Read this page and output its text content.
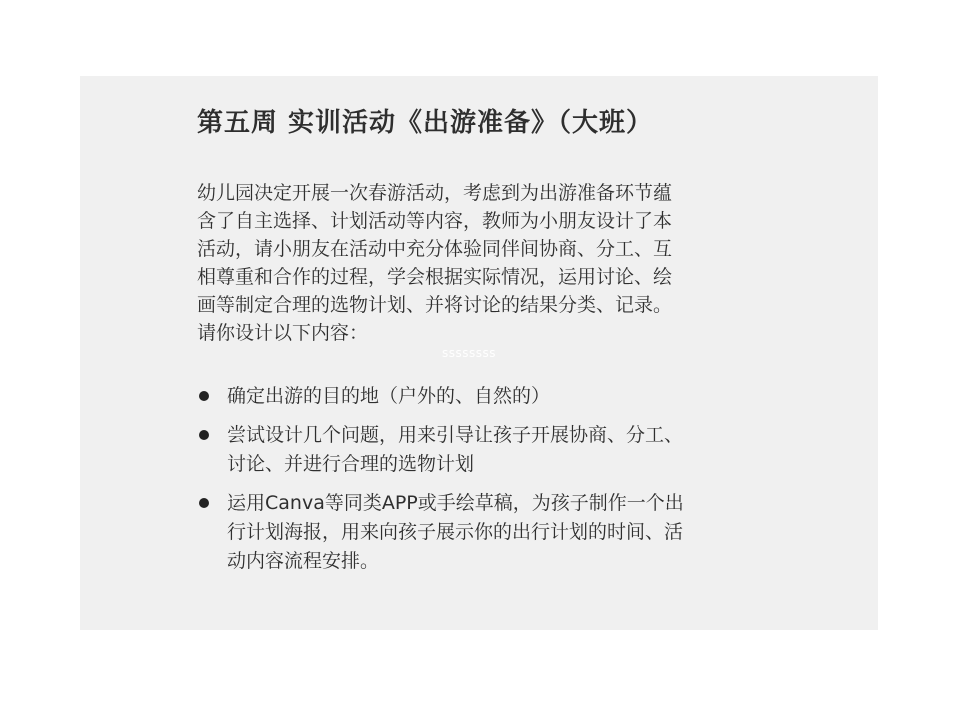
第五周 实训活动《出游准备》（大班）
幼儿园决定开展一次春游活动，考虑到为出游准备环节蕴
含了自主选择、计划活动等内容，教师为小朋友设计了本
活动，请小朋友在活动中充分体验同伴间协商、分工、互
相尊重和合作的过程，学会根据实际情况，运用讨论、绘
画等制定合理的选物计划、并将讨论的结果分类、记录。
请你设计以下内容：
ssssssss
确定出游的目的地（户外的、自然的）
尝试设计几个问题，用来引导让孩子开展协商、分工、
讨论、并进行合理的选物计划
运用Canva等同类APP或手绘草稿，为孩子制作一个出
行计划海报，用来向孩子展示你的出行计划的时间、活
动内容流程安排。
